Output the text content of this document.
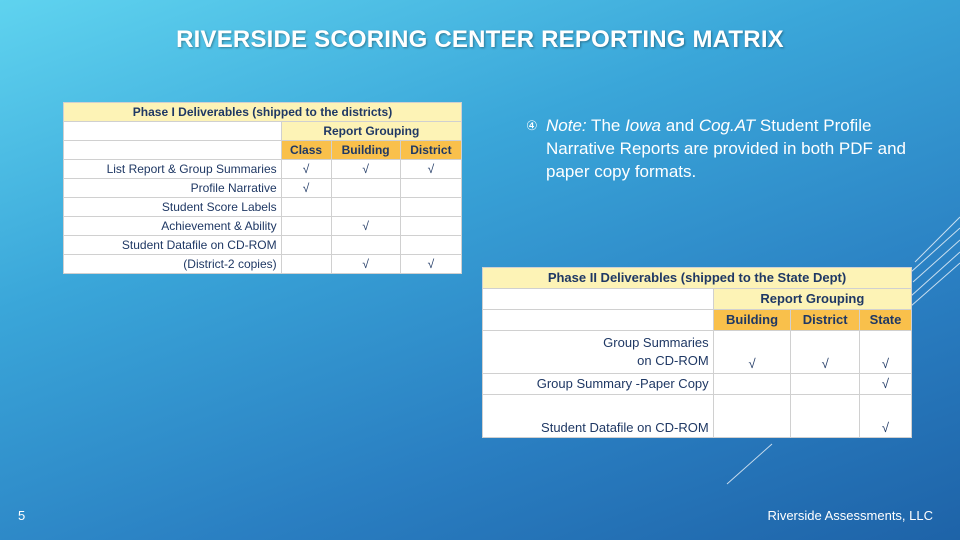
RIVERSIDE SCORING CENTER REPORTING MATRIX
Phase I Deliverables (shipped to the districts)			
	Report Grouping		
	Class	Building	District
List Report & Group Summaries	√	√	√
Profile Narrative	√		
Student Score Labels			
Achievement & Ability		√	
Student Datafile on CD-ROM			
(District-2 copies)		√	√
④ Note: The Iowa and Cog.AT Student Profile Narrative Reports are provided in both PDF and paper copy formats.
Phase II Deliverables (shipped to the State Dept)			
	Report Grouping		
	Building	District	State

Group Summaries
on CD-ROM	√	√	√

Group Summary -Paper Copy			√

Student Datafile on CD-ROM			√
5	Riverside Assessments, LLC
